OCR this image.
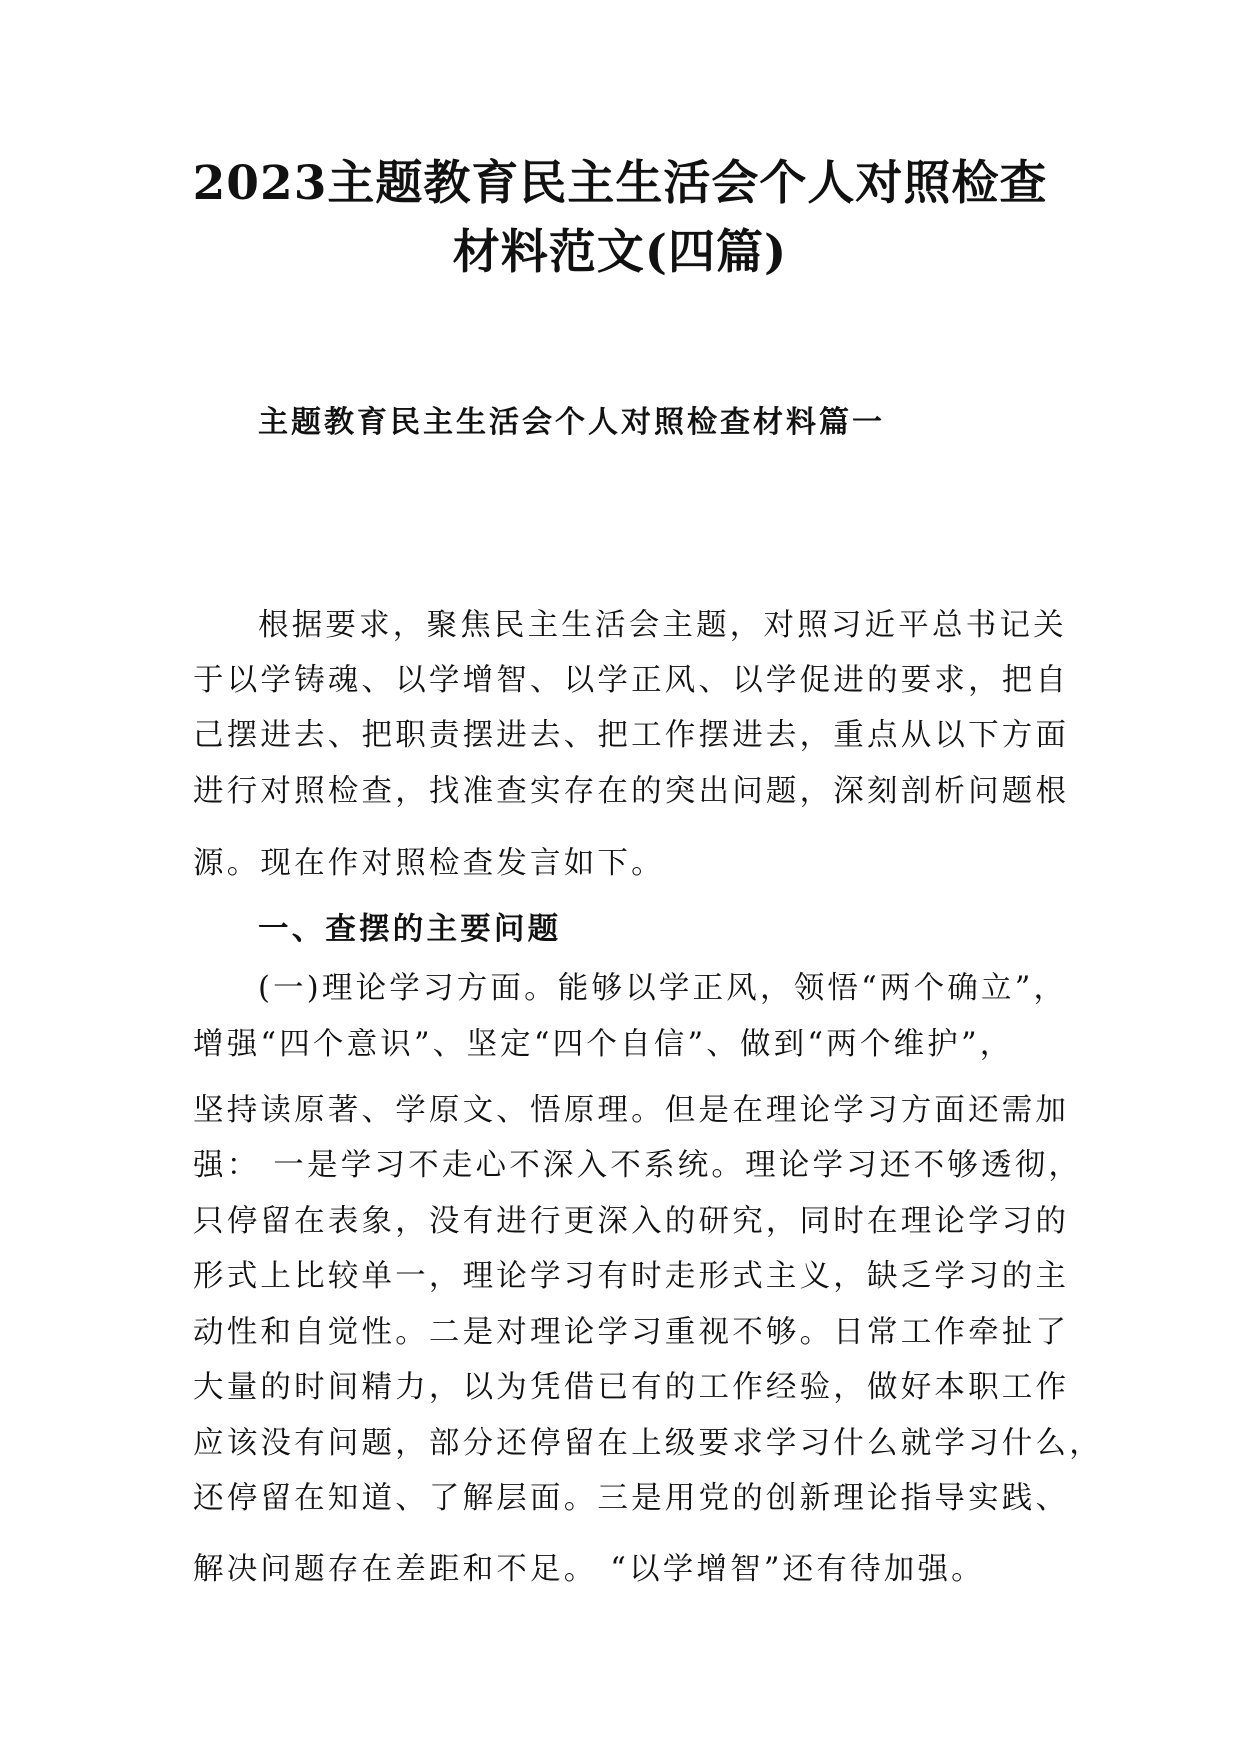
2023主题教育民主生活会个人对照检查
材料范文(四篇)
主题教育民主生活会个人对照检查材料篇一
根据要求，聚焦民主生活会主题，对照习近平总书记关
于以学铸魂、以学增智、以学正风、以学促进的要求，把自
己摆进去、把职责摆进去、把工作摆进去，重点从以下方面
进行对照检查，找准查实存在的突出问题，深刻剖析问题根
源。现在作对照检查发言如下。
一、查摆的主要问题
(一)理论学习方面。能够以学正风，领悟“两个确立”，
增强“四个意识”、坚定“四个自信”、做到“两个维护”，
坚持读原著、学原文、悟原理。但是在理论学习方面还需加
强： 一是学习不走心不深入不系统。理论学习还不够透彻，
只停留在表象，没有进行更深入的研究，同时在理论学习的
形式上比较单一，理论学习有时走形式主义，缺乏学习的主
动性和自觉性。二是对理论学习重视不够。日常工作牵扯了
大量的时间精力，以为凭借已有的工作经验，做好本职工作
应该没有问题，部分还停留在上级要求学习什么就学习什么，
还停留在知道、了解层面。三是用党的创新理论指导实践、
解决问题存在差距和不足。 “以学增智”还有待加强。
